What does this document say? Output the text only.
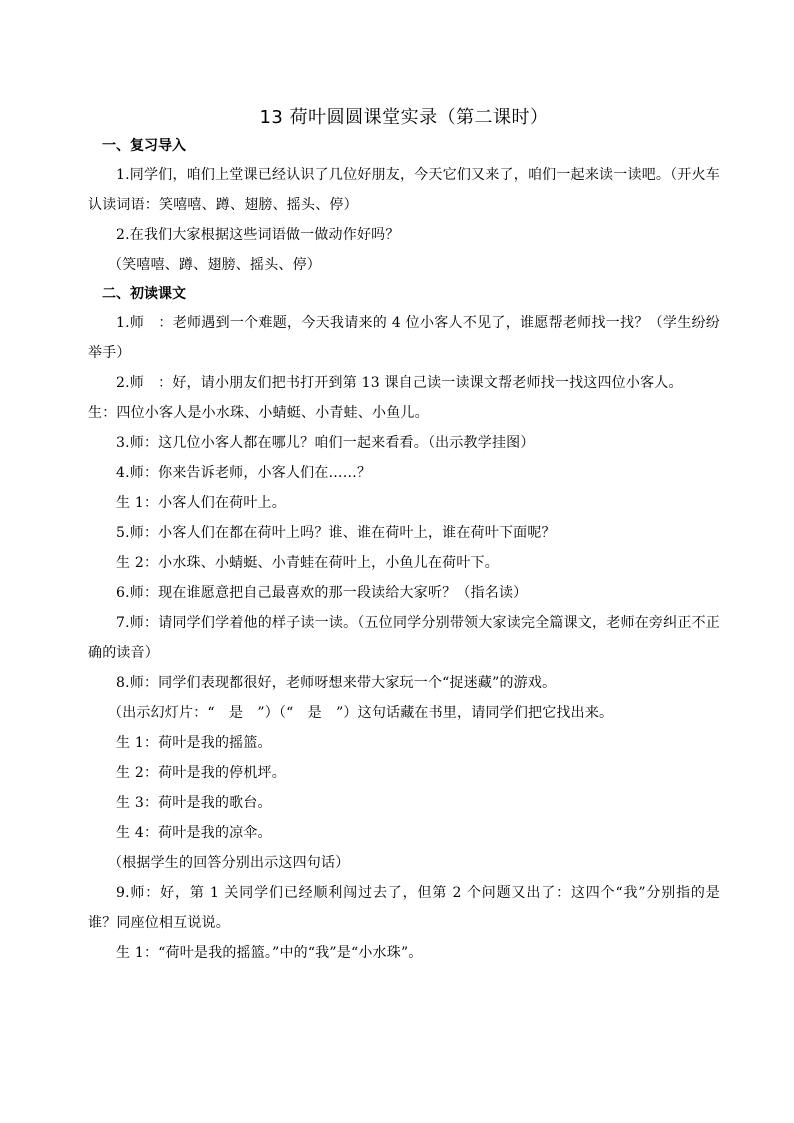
13 荷叶圆圆课堂实录（第二课时）
一、复习导入

1.同学们，咱们上堂课已经认识了几位好朋友，今天它们又来了，咱们一起来读一读吧。（开火车认读词语：笑嘻嘻、蹲、翅膀、摇头、停）

2.在我们大家根据这些词语做一做动作好吗？

（笑嘻嘻、蹲、翅膀、摇头、停）

二、初读课文

1.师　：老师遇到一个难题，今天我请来的 4 位小客人不见了，谁愿帮老师找一找？（学生纷纷举手）

2.师　：好，请小朋友们把书打开到第 13 课自己读一读课文帮老师找一找这四位小客人。

生：四位小客人是小水珠、小蜻蜓、小青蛙、小鱼儿。

3.师：这几位小客人都在哪儿？咱们一起来看看。（出示教学挂图）

4.师：你来告诉老师，小客人们在……？

生 1：小客人们在荷叶上。

5.师：小客人们在都在荷叶上吗？谁、谁在荷叶上，谁在荷叶下面呢？

生 2：小水珠、小蜻蜓、小青蛙在荷叶上，小鱼儿在荷叶下。

6.师：现在谁愿意把自己最喜欢的那一段读给大家听？（指名读）

7.师：请同学们学着他的样子读一读。（五位同学分别带领大家读完全篇课文，老师在旁纠正不正确的读音）

8.师：同学们表现都很好，老师呀想来带大家玩一个“捉迷藏”的游戏。

（出示幻灯片：“　是　”）（“　是　”）这句话藏在书里，请同学们把它找出来。

生 1：荷叶是我的摇篮。

生 2：荷叶是我的停机坪。

生 3：荷叶是我的歌台。

生 4：荷叶是我的凉伞。

（根据学生的回答分别出示这四句话）

9.师：好，第 1 关同学们已经顺利闯过去了，但第 2 个问题又出了：这四个“我”分别指的是谁？同座位相互说说。

生 1：“荷叶是我的摇篮。”中的“我”是“小水珠”。
